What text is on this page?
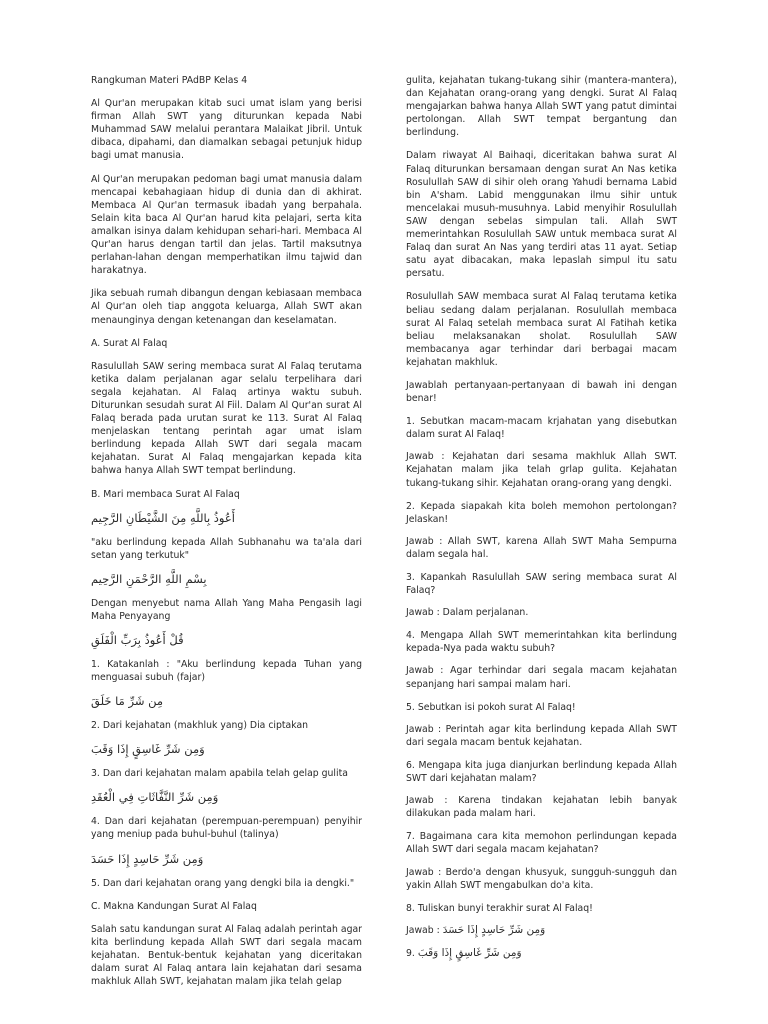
Rangkuman Materi PAdBP Kelas 4

Al Qur'an merupakan kitab suci umat islam yang berisi firman Allah SWT yang diturunkan kepada Nabi Muhammad SAW melalui perantara Malaikat Jibril. Untuk dibaca, dipahami, dan diamalkan sebagai petunjuk hidup bagi umat manusia.

Al Qur'an merupakan pedoman bagi umat manusia dalam mencapai kebahagiaan hidup di dunia dan di akhirat. Membaca Al Qur'an termasuk ibadah yang berpahala. Selain kita baca Al Qur'an harud kita pelajari, serta kita amalkan isinya dalam kehidupan sehari-hari. Membaca Al Qur'an harus dengan tartil dan jelas. Tartil maksutnya perlahan-lahan dengan memperhatikan ilmu tajwid dan harakatnya.

Jika sebuah rumah dibangun dengan kebiasaan membaca Al Qur'an oleh tiap anggota keluarga, Allah SWT akan menaunginya dengan ketenangan dan keselamatan.

A. Surat Al Falaq

Rasulullah SAW sering membaca surat Al Falaq terutama ketika dalam perjalanan agar selalu terpelihara dari segala kejahatan. Al Falaq artinya waktu subuh. Diturunkan sesudah surat Al Fiil. Dalam Al Qur'an surat Al Falaq berada pada urutan surat ke 113. Surat Al Falaq menjelaskan tentang perintah agar umat islam berlindung kepada Allah SWT dari segala macam kejahatan. Surat Al Falaq mengajarkan kepada kita bahwa hanya Allah SWT tempat berlindung.

B. Mari membaca Surat Al Falaq

أَعُوذُ بِاللَّهِ مِنَ الشَّيْطَانِ الرَّجِيم

"aku berlindung kepada Allah Subhanahu wa ta'ala dari setan yang terkutuk"

بِسْمِ اللَّهِ الرَّحْمَنِ الرَّحِيم

Dengan menyebut nama Allah Yang Maha Pengasih lagi Maha Penyayang

قُلْ أَعُوذُ بِرَبِّ الْفَلَقِ

1. Katakanlah : "Aku berlindung kepada Tuhan yang menguasai subuh (fajar)

مِن شَرِّ مَا خَلَقَ

2. Dari kejahatan (makhluk yang) Dia ciptakan

وَمِن شَرِّ غَاسِقٍ إِذَا وَقَبَ

3. Dan dari kejahatan malam apabila telah gelap gulita

وَمِن شَرِّ النَّفَّاثَاتِ فِي الْعُقَدِ

4. Dan dari kejahatan (perempuan-perempuan) penyihir yang meniup pada buhul-buhul (talinya)

وَمِن شَرِّ حَاسِدٍ إِذَا حَسَدَ

5. Dan dari kejahatan orang yang dengki bila ia dengki."

C. Makna Kandungan Surat Al Falaq

Salah satu kandungan surat Al Falaq adalah perintah agar kita berlindung kepada Allah SWT dari segala macam kejahatan. Bentuk-bentuk kejahatan yang diceritakan dalam surat Al Falaq antara lain kejahatan dari sesama makhluk Allah SWT, kejahatan malam jika telah gelap

gulita, kejahatan tukang-tukang sihir (mantera-mantera), dan Kejahatan orang-orang yang dengki. Surat Al Falaq mengajarkan bahwa hanya Allah SWT yang patut dimintai pertolongan. Allah SWT tempat bergantung dan berlindung.

Dalam riwayat Al Baihaqi, diceritakan bahwa surat Al Falaq diturunkan bersamaan dengan surat An Nas ketika Rosulullah SAW di sihir oleh orang Yahudi bernama Labid bin A'sham. Labid menggunakan ilmu sihir untuk mencelakai musuh-musuhnya. Labid menyihir Rosulullah SAW dengan sebelas simpulan tali. Allah SWT memerintahkan Rosulullah SAW untuk membaca surat Al Falaq dan surat An Nas yang terdiri atas 11 ayat. Setiap satu ayat dibacakan, maka lepaslah simpul itu satu persatu.

Rosulullah SAW membaca surat Al Falaq terutama ketika beliau sedang dalam perjalanan. Rosulullah membaca surat Al Falaq setelah membaca surat Al Fatihah ketika beliau melaksanakan sholat. Rosulullah SAW membacanya agar terhindar dari berbagai macam kejahatan makhluk.

Jawablah pertanyaan-pertanyaan di bawah ini dengan benar!

1. Sebutkan macam-macam krjahatan yang disebutkan dalam surat Al Falaq!

Jawab : Kejahatan dari sesama makhluk Allah SWT. Kejahatan malam jika telah grlap gulita. Kejahatan tukang-tukang sihir. Kejahatan orang-orang yang dengki.

2. Kepada siapakah kita boleh memohon pertolongan? Jelaskan!

Jawab : Allah SWT, karena Allah SWT Maha Sempurna dalam segala hal.

3. Kapankah Rasulullah SAW sering membaca surat Al Falaq?

Jawab : Dalam perjalanan.

4. Mengapa Allah SWT memerintahkan kita berlindung kepada-Nya pada waktu subuh?

Jawab : Agar terhindar dari segala macam kejahatan sepanjang hari sampai malam hari.

5. Sebutkan isi pokoh surat Al Falaq!

Jawab : Perintah agar kita berlindung kepada Allah SWT dari segala macam bentuk kejahatan.

6. Mengapa kita juga dianjurkan berlindung kepada Allah SWT dari kejahatan malam?

Jawab : Karena tindakan kejahatan lebih banyak dilakukan pada malam hari.

7. Bagaimana cara kita memohon perlindungan kepada Allah SWT dari segala macam kejahatan?

Jawab : Berdo'a dengan khusyuk, sungguh-sungguh dan yakin Allah SWT mengabulkan do'a kita.

8. Tuliskan bunyi terakhir surat Al Falaq!

Jawab : وَمِن شَرِّ حَاسِدٍ إِذَا حَسَدَ

9. وَمِن شَرِّ غَاسِقٍ إِذَا وَقَبَ
